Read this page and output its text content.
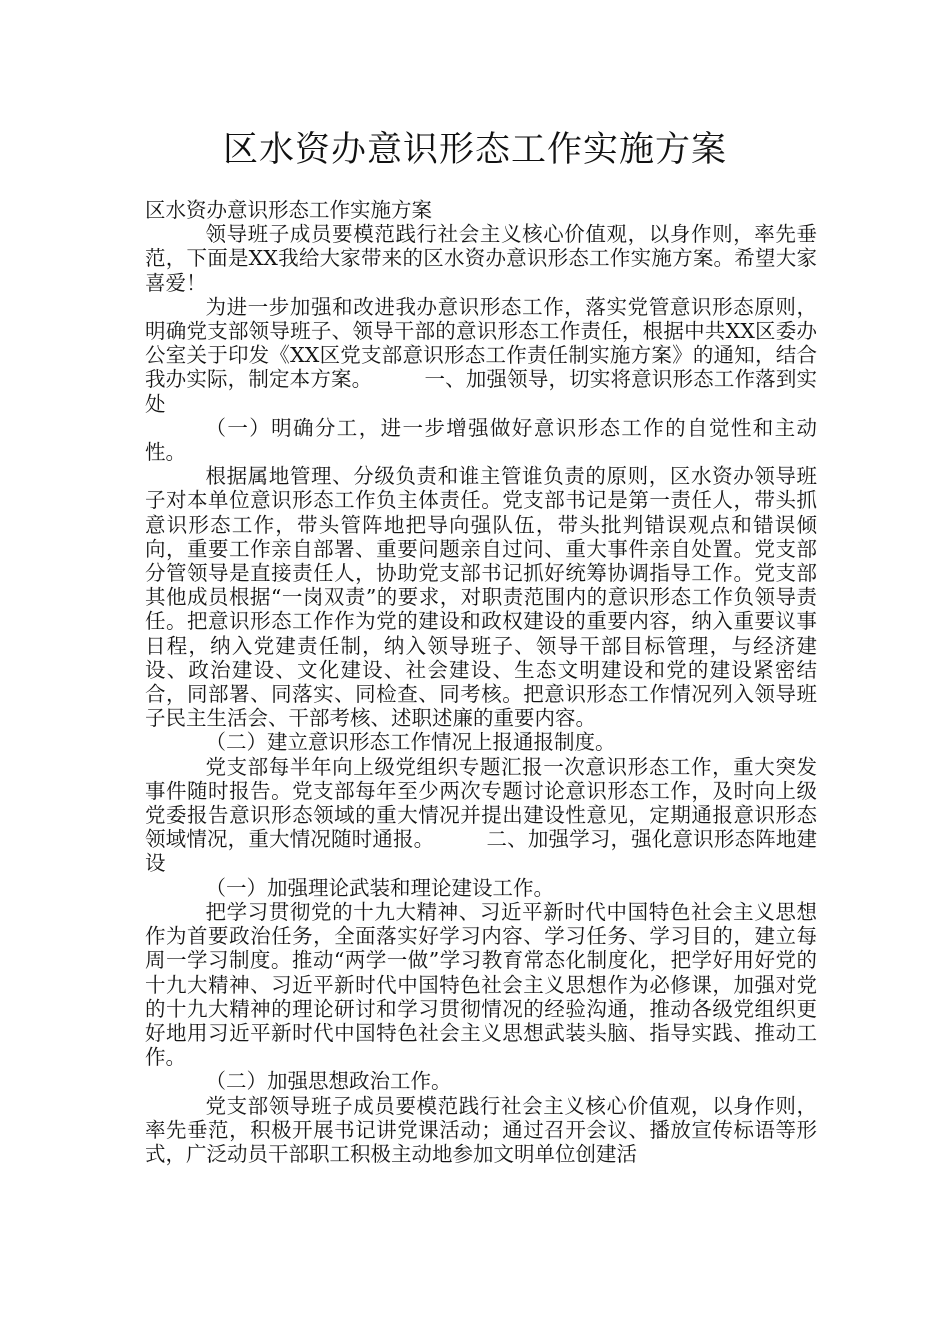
区水资办意识形态工作实施方案

区水资办意识形态工作实施方案

领导班子成员要模范践行社会主义核心价值观，以身作则，率先垂范，下面是XX我给大家带来的区水资办意识形态工作实施方案。希望大家喜爱！

为进一步加强和改进我办意识形态工作，落实党管意识形态原则，明确党支部领导班子、领导干部的意识形态工作责任，根据中共XX区委办公室关于印发《XX区党支部意识形态工作责任制实施方案》的通知，结合我办实际，制定本方案。	一、加强领导，切实将意识形态工作落到实处

（一）明确分工，进一步增强做好意识形态工作的自觉性和主动性。

根据属地管理、分级负责和谁主管谁负责的原则，区水资办领导班子对本单位意识形态工作负主体责任。党支部书记是第一责任人，带头抓意识形态工作，带头管阵地把导向强队伍，带头批判错误观点和错误倾向，重要工作亲自部署、重要问题亲自过问、重大事件亲自处置。党支部分管领导是直接责任人，协助党支部书记抓好统筹协调指导工作。党支部其他成员根据“一岗双责”的要求，对职责范围内的意识形态工作负领导责任。把意识形态工作作为党的建设和政权建设的重要内容，纳入重要议事日程，纳入党建责任制，纳入领导班子、领导干部目标管理，与经济建设、政治建设、文化建设、社会建设、生态文明建设和党的建设紧密结合，同部署、同落实、同检查、同考核。把意识形态工作情况列入领导班子民主生活会、干部考核、述职述廉的重要内容。

（二）建立意识形态工作情况上报通报制度。

党支部每半年向上级党组织专题汇报一次意识形态工作，重大突发事件随时报告。党支部每年至少两次专题讨论意识形态工作，及时向上级党委报告意识形态领域的重大情况并提出建设性意见，定期通报意识形态领域情况，重大情况随时通报。	二、加强学习，强化意识形态阵地建设

（一）加强理论武装和理论建设工作。

把学习贯彻党的十九大精神、习近平新时代中国特色社会主义思想作为首要政治任务，全面落实好学习内容、学习任务、学习目的，建立每周一学习制度。推动“两学一做”学习教育常态化制度化，把学好用好党的十九大精神、习近平新时代中国特色社会主义思想作为必修课，加强对党的十九大精神的理论研讨和学习贯彻情况的经验沟通，推动各级党组织更好地用习近平新时代中国特色社会主义思想武装头脑、指导实践、推动工作。

（二）加强思想政治工作。

党支部领导班子成员要模范践行社会主义核心价值观，以身作则，率先垂范，积极开展书记讲党课活动；通过召开会议、播放宣传标语等形式，广泛动员干部职工积极主动地参加文明单位创建活
